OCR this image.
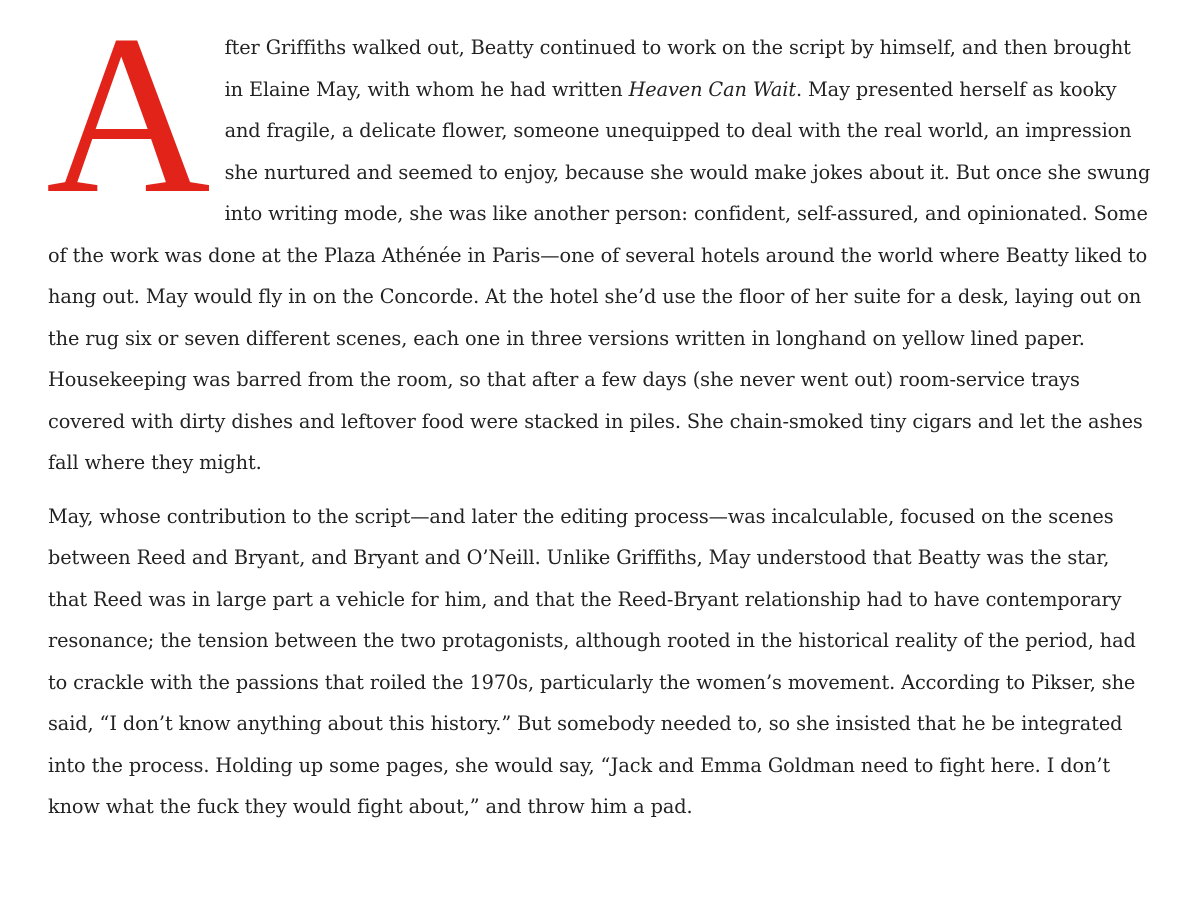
After Griffiths walked out, Beatty continued to work on the script by himself, and then brought in Elaine May, with whom he had written Heaven Can Wait. May presented herself as kooky and fragile, a delicate flower, someone unequipped to deal with the real world, an impression she nurtured and seemed to enjoy, because she would make jokes about it. But once she swung into writing mode, she was like another person: confident, self-assured, and opinionated. Some of the work was done at the Plaza Athénée in Paris—one of several hotels around the world where Beatty liked to hang out. May would fly in on the Concorde. At the hotel she’d use the floor of her suite for a desk, laying out on the rug six or seven different scenes, each one in three versions written in longhand on yellow lined paper. Housekeeping was barred from the room, so that after a few days (she never went out) room-service trays covered with dirty dishes and leftover food were stacked in piles. She chain-smoked tiny cigars and let the ashes fall where they might.

May, whose contribution to the script—and later the editing process—was incalculable, focused on the scenes between Reed and Bryant, and Bryant and O’Neill. Unlike Griffiths, May understood that Beatty was the star, that Reed was in large part a vehicle for him, and that the Reed-Bryant relationship had to have contemporary resonance; the tension between the two protagonists, although rooted in the historical reality of the period, had to crackle with the passions that roiled the 1970s, particularly the women’s movement. According to Pikser, she said, “I don’t know anything about this history.” But somebody needed to, so she insisted that he be integrated into the process. Holding up some pages, she would say, “Jack and Emma Goldman need to fight here. I don’t know what the fuck they would fight about,” and throw him a pad.
